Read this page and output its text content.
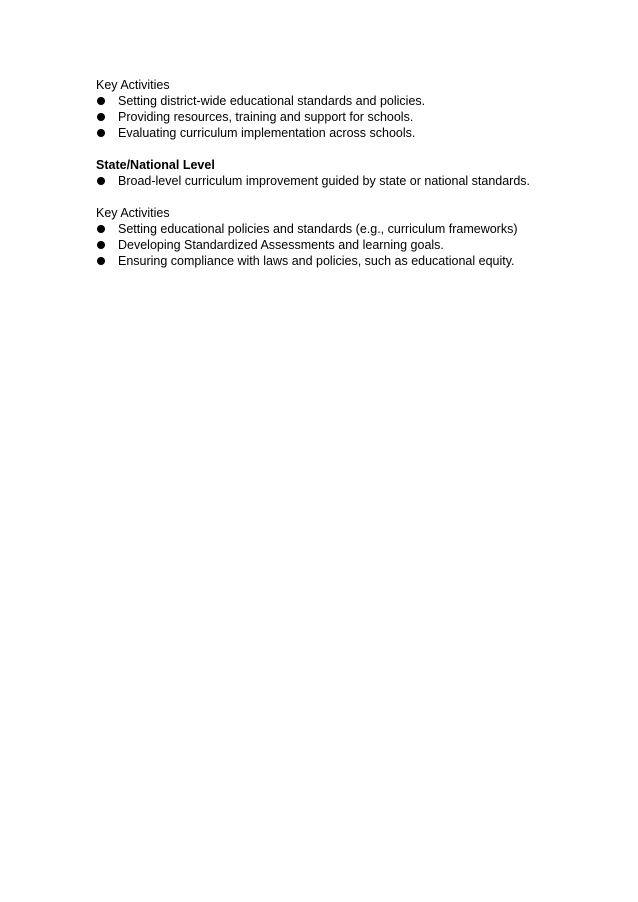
Key Activities
Setting district-wide educational standards and policies.
Providing resources, training and support for schools.
Evaluating curriculum implementation across schools.
State/National Level
Broad-level curriculum improvement guided by state or national standards.
Key Activities
Setting educational policies and standards (e.g., curriculum frameworks)
Developing Standardized Assessments and learning goals.
Ensuring compliance with laws and policies, such as educational equity.
